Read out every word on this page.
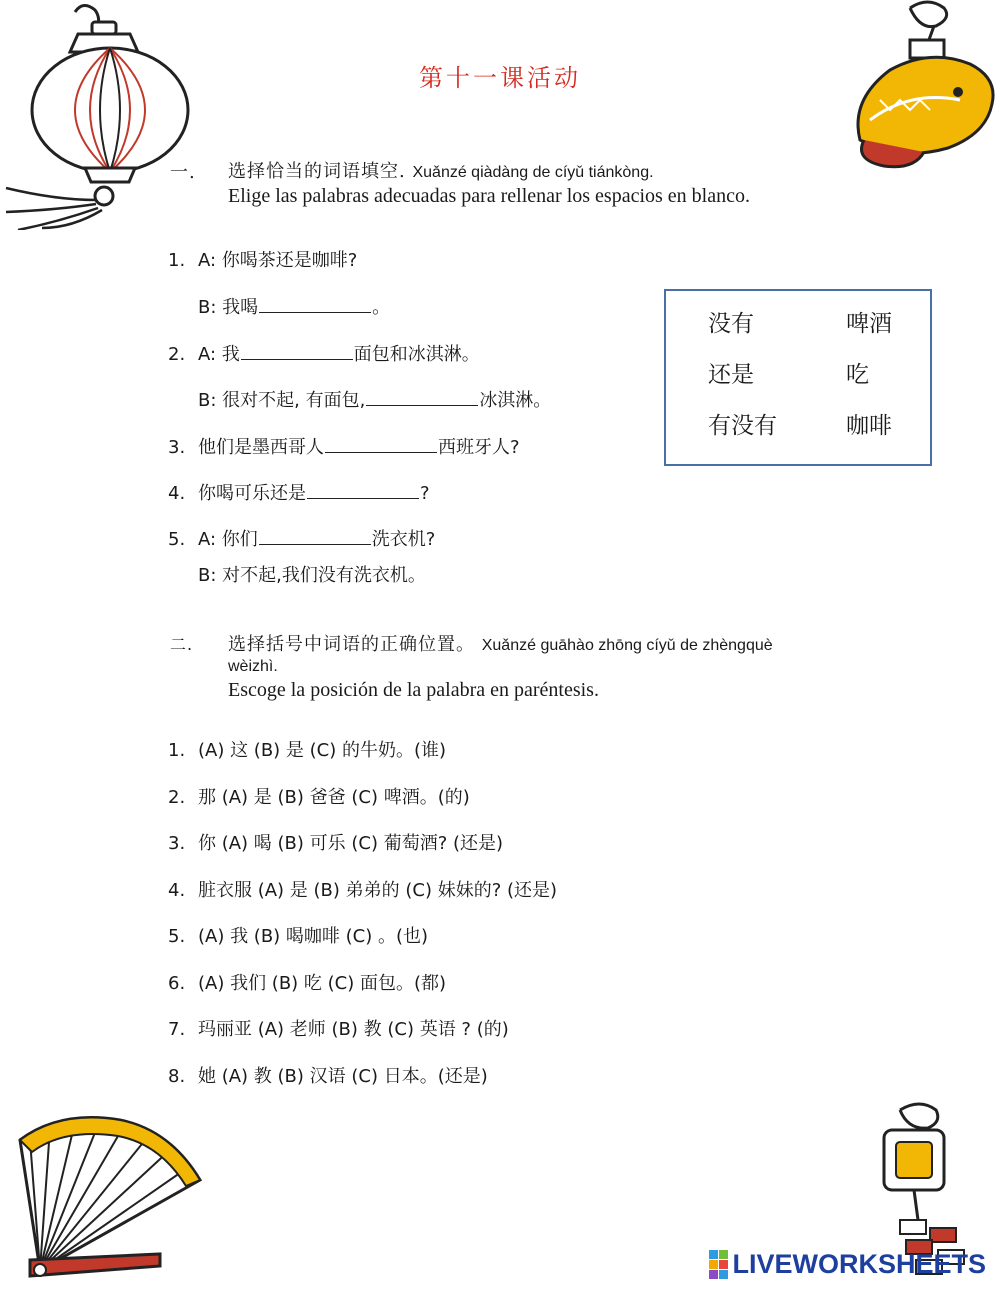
第十一课活动
一. 选择恰当的词语填空. Xuǎnzé qiàdàng de cíyǔ tiánkòng.
Elige las palabras adecuadas para rellenar los espacios en blanco.
1. A: 你喝茶还是咖啡?
B: 我喝	。
2. A: 我	面包和冰淇淋。
B: 很对不起, 有面包,	冰淇淋。
3. 他们是墨西哥人	西班牙人?
4. 你喝可乐还是	?
5. A: 你们	洗衣机?
B: 对不起,我们没有洗衣机。
没有	啤酒
还是	吃
有没有	咖啡
二. 选择括号中词语的正确位置。 Xuǎnzé guāhào zhōng cíyǔ de zhèngquè
wèizhì.
Escoge la posición de la palabra en paréntesis.
1. (A) 这 (B) 是 (C) 的牛奶。(谁)
2. 那 (A) 是 (B) 爸爸 (C) 啤酒。(的)
3. 你 (A) 喝 (B) 可乐 (C) 葡萄酒? (还是)
4. 脏衣服 (A) 是 (B) 弟弟的 (C) 妹妹的? (还是)
5. (A) 我 (B) 喝咖啡 (C) 。(也)
6. (A) 我们 (B) 吃 (C) 面包。(都)
7. 玛丽亚 (A) 老师 (B) 教 (C) 英语 ? (的)
8. 她 (A) 教 (B) 汉语 (C) 日本。(还是)
LIVEWORKSHEETS
